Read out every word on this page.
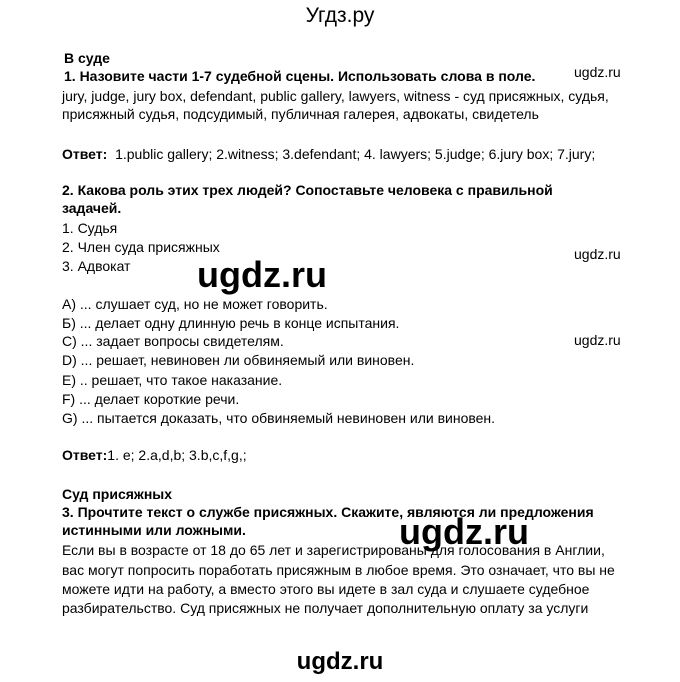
Угдз.ру
В суде
1. Назовите части 1-7 судебной сцены. Использовать слова в поле.	ugdz.ru
jury, judge, jury box, defendant, public gallery, lawyers, witness - суд присяжных, судья,
присяжный судья, подсудимый, публичная галерея, адвокаты, свидетель
Ответ: 1.public gallery; 2.witness; 3.defendant; 4. lawyers; 5.judge; 6.jury box; 7.jury;
2. Какова роль этих трех людей? Сопоставьте человека с правильной
задачей.
1. Судья
2. Член суда присяжных	ugdz.ru
3. Адвокат ugdz.ru
A) ... слушает суд, но не может говорить.
Б) ... делает одну длинную речь в конце испытания.
C) ... задает вопросы свидетелям.	ugdz.ru
D) ... решает, невиновен ли обвиняемый или виновен.
E) .. решает, что такое наказание.
F) ... делает короткие речи.
G) ... пытается доказать, что обвиняемый невиновен или виновен.
Ответ:1. e; 2.a,d,b; 3.b,c,f,g,;
Суд присяжных
3. Прочтите текст о службе присяжных. Скажите, являются ли предложения
истинными или ложными.	ugdz.ru
Если вы в возрасте от 18 до 65 лет и зарегистрированы для голосования в Англии,
вас могут попросить поработать присяжным в любое время. Это означает, что вы не
можете идти на работу, а вместо этого вы идете в зал суда и слушаете судебное
разбирательство. Суд присяжных не получает дополнительную оплату за услуги
ugdz.ru
